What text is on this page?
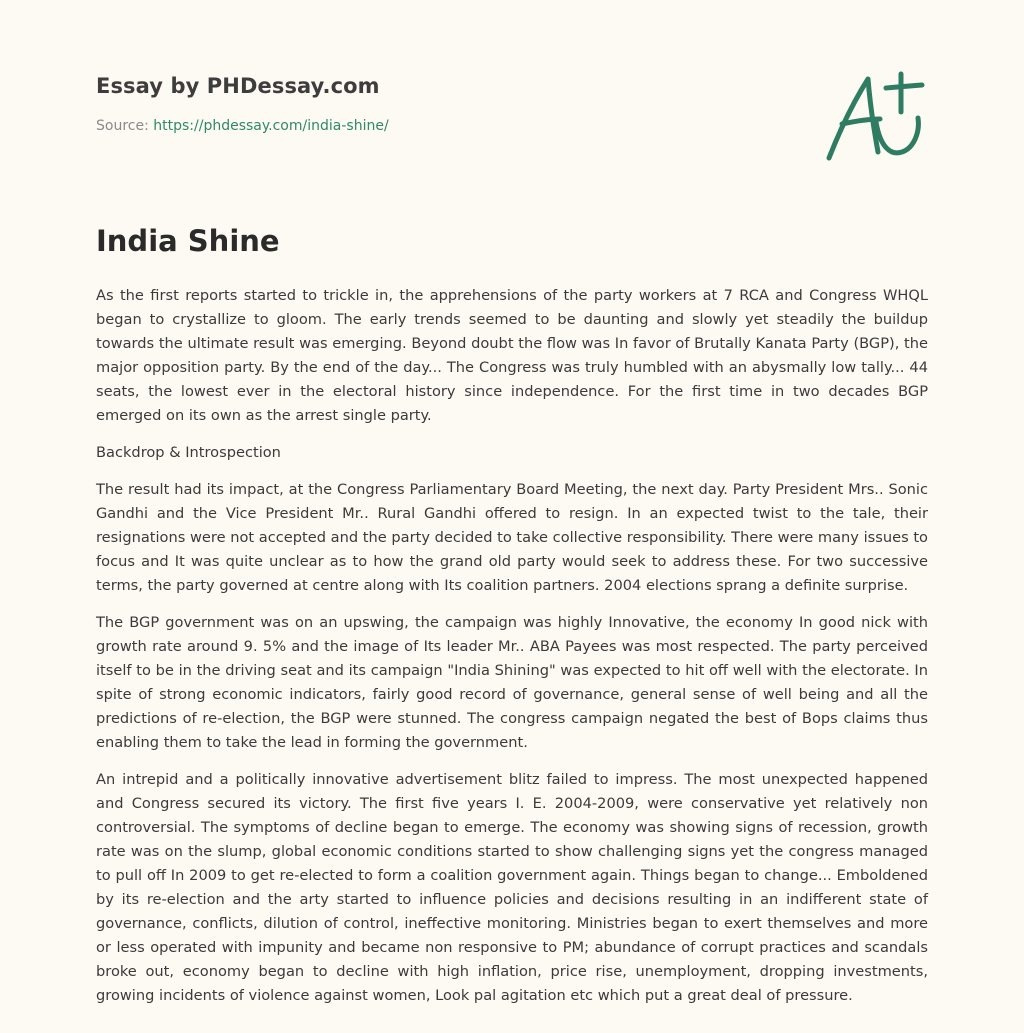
Essay by PHDessay.com
Source: https://phdessay.com/india-shine/
India Shine

As the first reports started to trickle in, the apprehensions of the party workers at 7 RCA and Congress WHQL began to crystallize to gloom. The early trends seemed to be daunting and slowly yet steadily the buildup towards the ultimate result was emerging. Beyond doubt the flow was In favor of Brutally Kanata Party (BGP), the major opposition party. By the end of the day... The Congress was truly humbled with an abysmally low tally... 44 seats, the lowest ever in the electoral history since independence. For the first time in two decades BGP emerged on its own as the arrest single party.

Backdrop & Introspection

The result had its impact, at the Congress Parliamentary Board Meeting, the next day. Party President Mrs.. Sonic Gandhi and the Vice President Mr.. Rural Gandhi offered to resign. In an expected twist to the tale, their resignations were not accepted and the party decided to take collective responsibility. There were many issues to focus and It was quite unclear as to how the grand old party would seek to address these. For two successive terms, the party governed at centre along with Its coalition partners. 2004 elections sprang a definite surprise.

The BGP government was on an upswing, the campaign was highly Innovative, the economy In good nick with growth rate around 9. 5% and the image of Its leader Mr.. ABA Payees was most respected. The party perceived itself to be in the driving seat and its campaign "India Shining" was expected to hit off well with the electorate. In spite of strong economic indicators, fairly good record of governance, general sense of well being and all the predictions of re-election, the BGP were stunned. The congress campaign negated the best of Bops claims thus enabling them to take the lead in forming the government.

An intrepid and a politically innovative advertisement blitz failed to impress. The most unexpected happened and Congress secured its victory. The first five years I. E. 2004-2009, were conservative yet relatively non controversial. The symptoms of decline began to emerge. The economy was showing signs of recession, growth rate was on the slump, global economic conditions started to show challenging signs yet the congress managed to pull off In 2009 to get re-elected to form a coalition government again. Things began to change... Emboldened by its re-election and the arty started to influence policies and decisions resulting in an indifferent state of governance, conflicts, dilution of control, ineffective monitoring. Ministries began to exert themselves and more or less operated with impunity and became non responsive to PM; abundance of corrupt practices and scandals broke out, economy began to decline with high inflation, price rise, unemployment, dropping investments, growing incidents of violence against women, Look pal agitation etc which put a great deal of pressure.
